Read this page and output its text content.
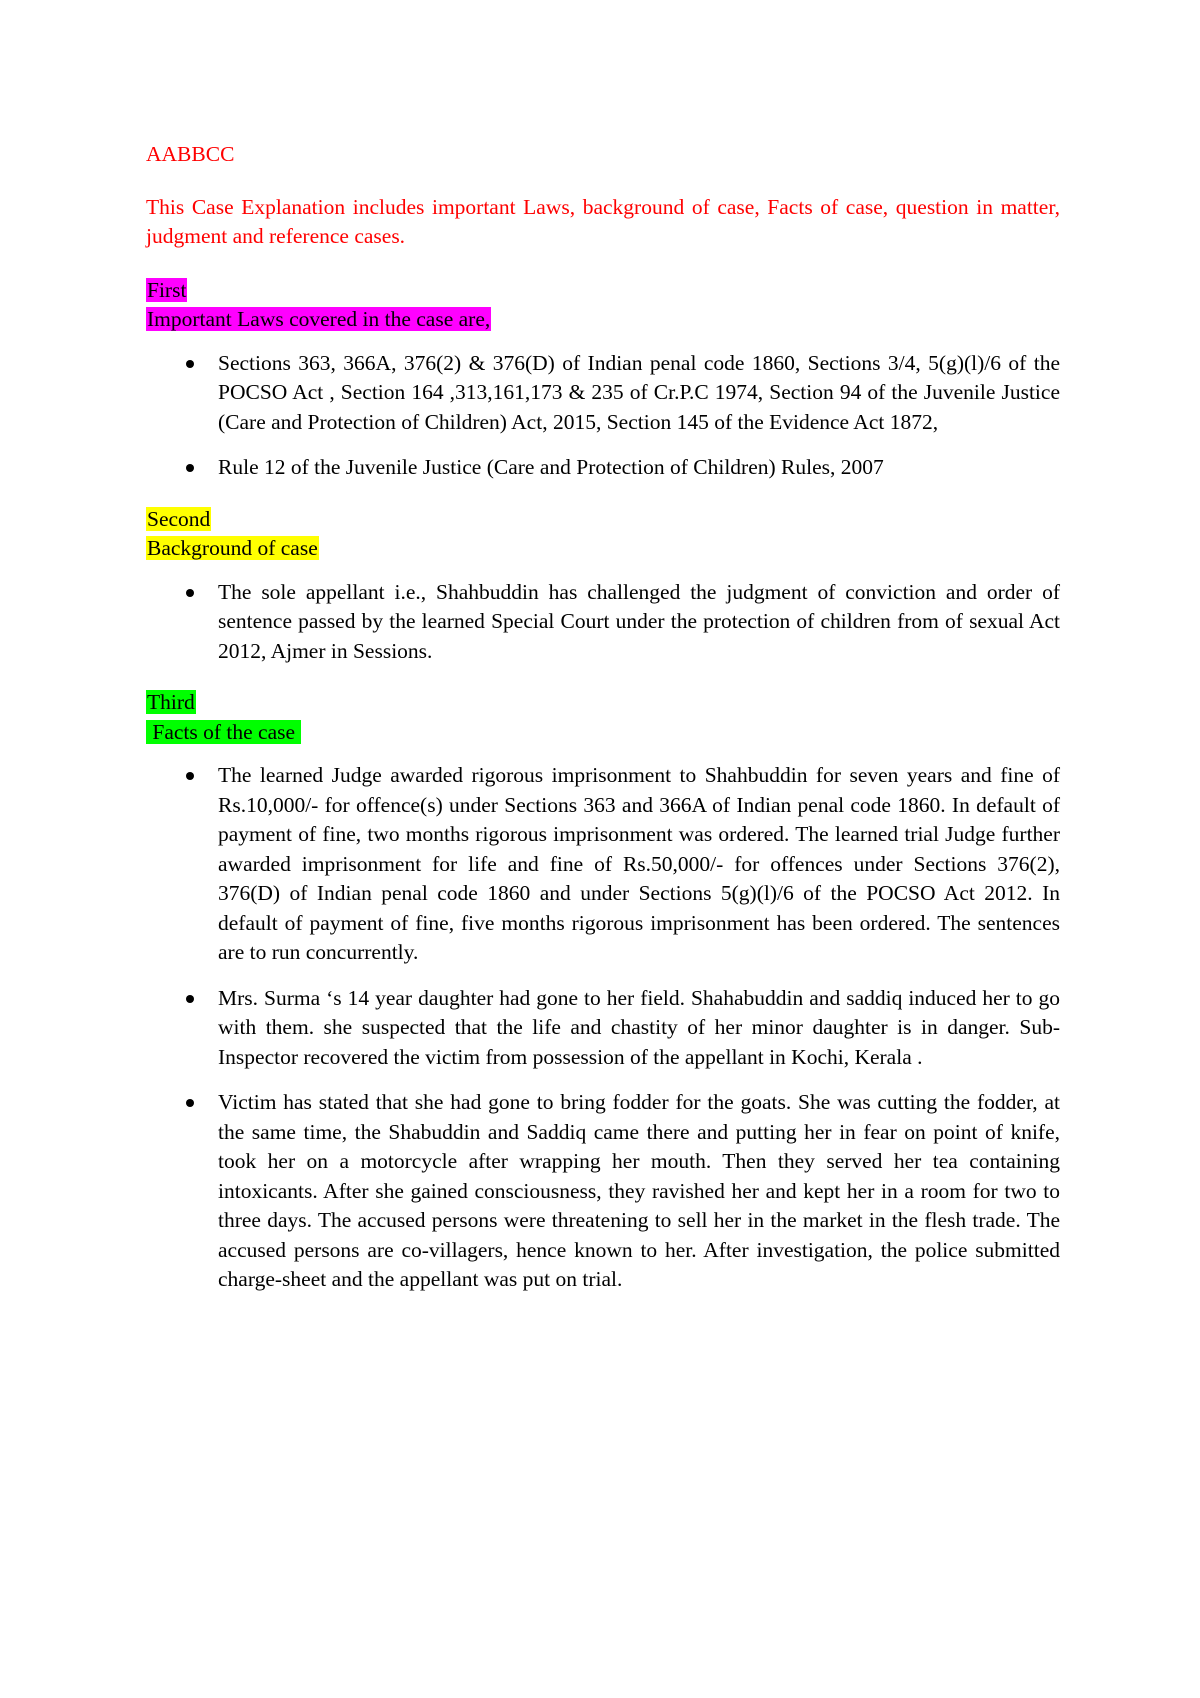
AABBCC
This Case Explanation includes important Laws, background of case, Facts of case, question in matter, judgment and reference cases.
First
Important Laws covered in the case are,
Sections 363, 366A, 376(2) & 376(D) of Indian penal code 1860, Sections 3/4, 5(g)(l)/6 of the POCSO Act , Section 164 ,313,161,173 & 235 of Cr.P.C 1974, Section 94 of the Juvenile Justice (Care and Protection of Children) Act, 2015, Section 145 of the Evidence Act 1872,
Rule 12 of the Juvenile Justice (Care and Protection of Children) Rules, 2007
Second
Background of case
The sole appellant i.e., Shahbuddin has challenged the judgment of conviction and order of sentence passed by the learned Special Court under the protection of children from of sexual Act 2012, Ajmer in Sessions.
Third
Facts of the case
The learned Judge awarded rigorous imprisonment to Shahbuddin for seven years and fine of Rs.10,000/- for offence(s) under Sections 363 and 366A of Indian penal code 1860. In default of payment of fine, two months rigorous imprisonment was ordered. The learned trial Judge further awarded imprisonment for life and fine of Rs.50,000/- for offences under Sections 376(2), 376(D) of Indian penal code 1860 and under Sections 5(g)(l)/6 of the POCSO Act 2012. In default of payment of fine, five months rigorous imprisonment has been ordered. The sentences are to run concurrently.
Mrs. Surma ‘s 14 year daughter had gone to her field. Shahabuddin and saddiq induced her to go with them. she suspected that the life and chastity of her minor daughter is in danger. Sub-Inspector recovered the victim from possession of the appellant in Kochi, Kerala .
Victim has stated that she had gone to bring fodder for the goats. She was cutting the fodder, at the same time, the Shabuddin and Saddiq came there and putting her in fear on point of knife, took her on a motorcycle after wrapping her mouth. Then they served her tea containing intoxicants. After she gained consciousness, they ravished her and kept her in a room for two to three days. The accused persons were threatening to sell her in the market in the flesh trade. The accused persons are co-villagers, hence known to her. After investigation, the police submitted charge-sheet and the appellant was put on trial.
